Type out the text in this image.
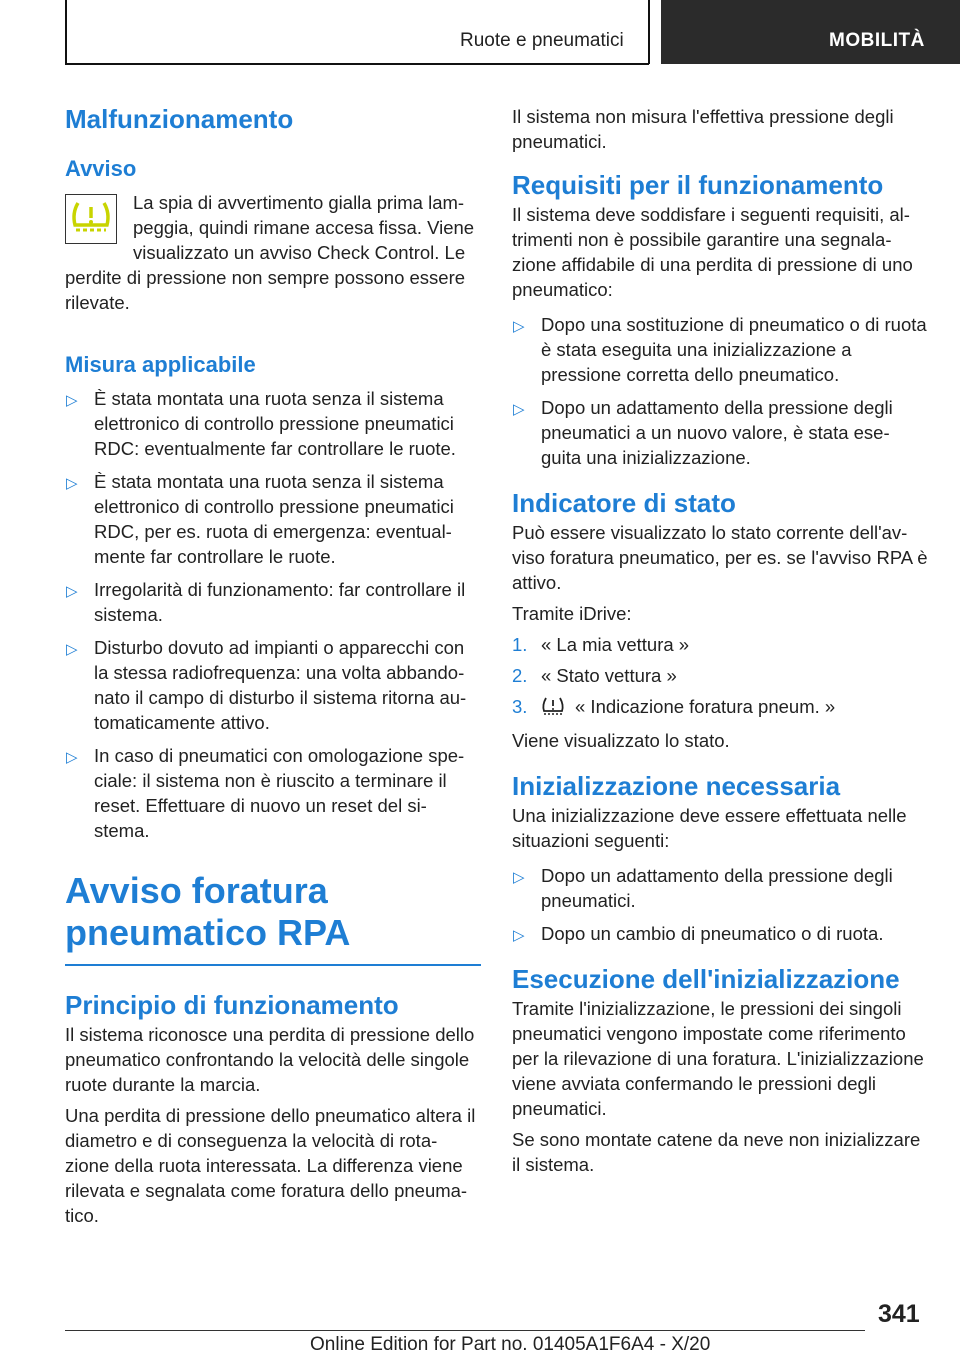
Ruote e pneumatici	MOBILITÀ
Malfunzionamento
Avviso

La spia di avvertimento gialla prima lam-peggia, quindi rimane accesa fissa. Viene visualizzato un avviso Check Control. Le perdite di pressione non sempre possono essere rilevate.

Misura applicabile
▷ È stata montata una ruota senza il sistema elettronico di controllo pressione pneumatici RDC: eventualmente far controllare le ruote.
▷ È stata montata una ruota senza il sistema elettronico di controllo pressione pneumatici RDC, per es. ruota di emergenza: eventual-mente far controllare le ruote.
▷ Irregolarità di funzionamento: far controllare il sistema.
▷ Disturbo dovuto ad impianti o apparecchi con la stessa radiofrequenza: una volta abbando-nato il campo di disturbo il sistema ritorna au-tomaticamente attivo.
▷ In caso di pneumatici con omologazione spe-ciale: il sistema non è riuscito a terminare il reset. Effettuare di nuovo un reset del si-stema.
Avviso foratura pneumatico RPA
Principio di funzionamento

Il sistema riconosce una perdita di pressione dello pneumatico confrontando la velocità delle singole ruote durante la marcia.

Una perdita di pressione dello pneumatico altera il diametro e di conseguenza la velocità di rota-zione della ruota interessata. La differenza viene rilevata e segnalata come foratura dello pneuma-tico.

Il sistema non misura l'effettiva pressione degli pneumatici.

Requisiti per il funzionamento

Il sistema deve soddisfare i seguenti requisiti, al-trimenti non è possibile garantire una segnala-zione affidabile di una perdita di pressione di uno pneumatico:

▷ Dopo una sostituzione di pneumatico o di ruota è stata eseguita una inizializzazione a pressione corretta dello pneumatico.
▷ Dopo un adattamento della pressione degli pneumatici a un nuovo valore, è stata ese-guita una inizializzazione.
Indicatore di stato

Può essere visualizzato lo stato corrente dell'av-viso foratura pneumatico, per es. se l'avviso RPA è attivo.

Tramite iDrive:

1. « La mia vettura »
2. « Stato vettura »
3.	« Indicazione foratura pneum. »

Viene visualizzato lo stato.

Inizializzazione necessaria

Una inizializzazione deve essere effettuata nelle situazioni seguenti:

▷ Dopo un adattamento della pressione degli pneumatici.
▷ Dopo un cambio di pneumatico o di ruota.
Esecuzione dell'inizializzazione

Tramite l'inizializzazione, le pressioni dei singoli pneumatici vengono impostate come riferimento per la rilevazione di una foratura. L'inizializzazione viene avviata confermando le pressioni degli pneumatici.

Se sono montate catene da neve non inizializzare il sistema.

341
Online Edition for Part no. 01405A1F6A4 - X/20
